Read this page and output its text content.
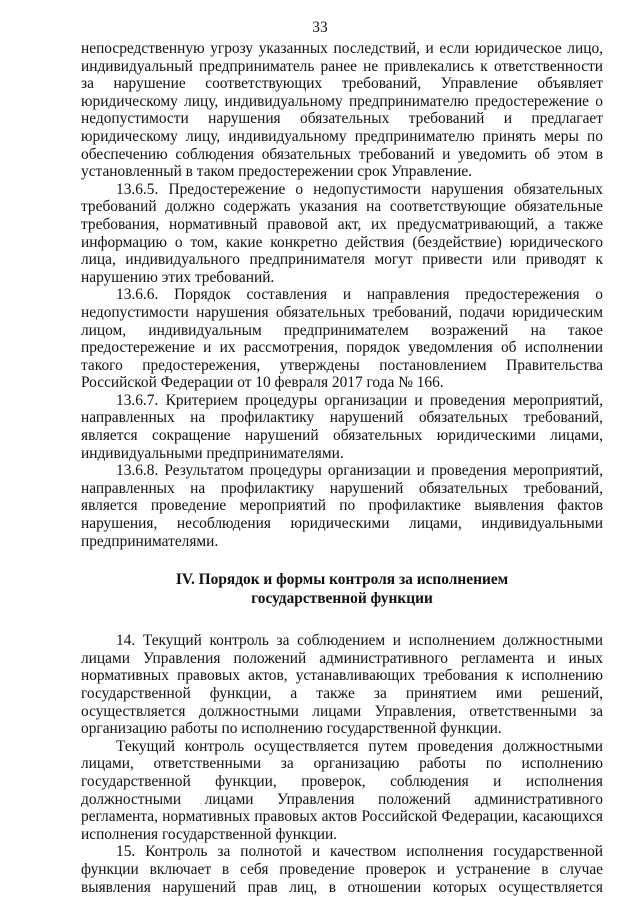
33

непосредственную угрозу указанных последствий, и если юридическое лицо, индивидуальный предприниматель ранее не привлекались к ответственности за нарушение соответствующих требований, Управление объявляет юридическому лицу, индивидуальному предпринимателю предостережение о недопустимости нарушения обязательных требований и предлагает юридическому лицу, индивидуальному предпринимателю принять меры по обеспечению соблюдения обязательных требований и уведомить об этом в установленный в таком предостережении срок Управление.

13.6.5. Предостережение о недопустимости нарушения обязательных требований должно содержать указания на соответствующие обязательные требования, нормативный правовой акт, их предусматривающий, а также информацию о том, какие конкретно действия (бездействие) юридического лица, индивидуального предпринимателя могут привести или приводят к нарушению этих требований.

13.6.6. Порядок составления и направления предостережения о недопустимости нарушения обязательных требований, подачи юридическим лицом, индивидуальным предпринимателем возражений на такое предостережение и их рассмотрения, порядок уведомления об исполнении такого предостережения, утверждены постановлением Правительства Российской Федерации от 10 февраля 2017 года № 166.

13.6.7. Критерием процедуры организации и проведения мероприятий, направленных на профилактику нарушений обязательных требований, является сокращение нарушений обязательных юридическими лицами, индивидуальными предпринимателями.

13.6.8. Результатом процедуры организации и проведения мероприятий, направленных на профилактику нарушений обязательных требований, является проведение мероприятий по профилактике выявления фактов нарушения, несоблюдения юридическими лицами, индивидуальными предпринимателями.

IV. Порядок и формы контроля за исполнением
государственной функции

14. Текущий контроль за соблюдением и исполнением должностными лицами Управления положений административного регламента и иных нормативных правовых актов, устанавливающих требования к исполнению государственной функции, а также за принятием ими решений, осуществляется должностными лицами Управления, ответственными за организацию работы по исполнению государственной функции.

Текущий контроль осуществляется путем проведения должностными лицами, ответственными за организацию работы по исполнению государственной функции, проверок, соблюдения и исполнения должностными лицами Управления положений административного регламента, нормативных правовых актов Российской Федерации, касающихся исполнения государственной функции.

15. Контроль за полнотой и качеством исполнения государственной функции включает в себя проведение проверок и устранение в случае выявления нарушений прав лиц, в отношении которых осуществляется
